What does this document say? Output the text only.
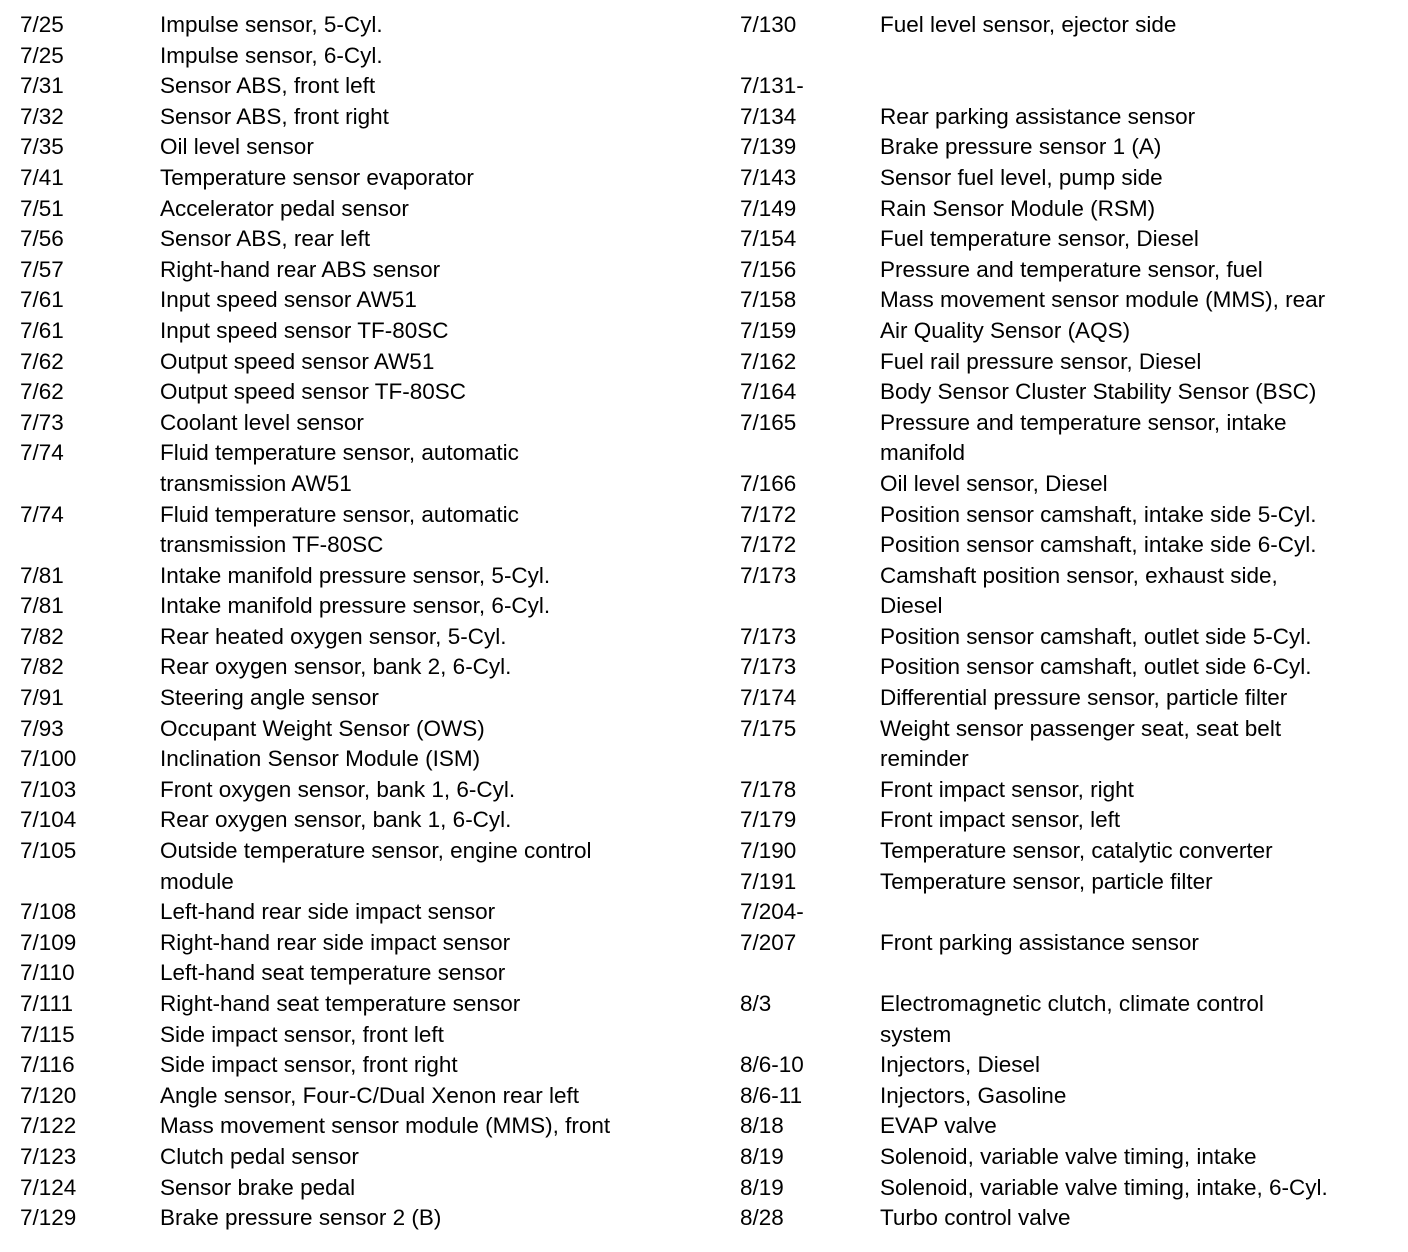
7/25	Impulse sensor, 5-Cyl.
7/25	Impulse sensor, 6-Cyl.
7/31	Sensor ABS, front left
7/32	Sensor ABS, front right
7/35	Oil level sensor
7/41	Temperature sensor evaporator
7/51	Accelerator pedal sensor
7/56	Sensor ABS, rear left
7/57	Right-hand rear ABS sensor
7/61	Input speed sensor AW51
7/61	Input speed sensor TF-80SC
7/62	Output speed sensor AW51
7/62	Output speed sensor TF-80SC
7/73	Coolant level sensor
7/74	Fluid temperature sensor, automatic
transmission AW51
7/74	Fluid temperature sensor, automatic
transmission TF-80SC
7/81	Intake manifold pressure sensor, 5-Cyl.
7/81	Intake manifold pressure sensor, 6-Cyl.
7/82	Rear heated oxygen sensor, 5-Cyl.
7/82	Rear oxygen sensor, bank 2, 6-Cyl.
7/91	Steering angle sensor
7/93	Occupant Weight Sensor (OWS)
7/100	Inclination Sensor Module (ISM)
7/103	Front oxygen sensor, bank 1, 6-Cyl.
7/104	Rear oxygen sensor, bank 1, 6-Cyl.
7/105	Outside temperature sensor, engine control
module
7/108	Left-hand rear side impact sensor
7/109	Right-hand rear side impact sensor
7/110	Left-hand seat temperature sensor
7/111	Right-hand seat temperature sensor
7/115	Side impact sensor, front left
7/116	Side impact sensor, front right
7/120	Angle sensor, Four-C/Dual Xenon rear left
7/122	Mass movement sensor module (MMS), front
7/123	Clutch pedal sensor
7/124	Sensor brake pedal
7/129	Brake pressure sensor 2 (B)
7/130	Fuel level sensor, ejector side

7/131-

7/134	Rear parking assistance sensor
7/139	Brake pressure sensor 1 (A)
7/143	Sensor fuel level, pump side
7/149	Rain Sensor Module (RSM)
7/154	Fuel temperature sensor, Diesel
7/156	Pressure and temperature sensor, fuel
7/158	Mass movement sensor module (MMS), rear
7/159	Air Quality Sensor (AQS)
7/162	Fuel rail pressure sensor, Diesel
7/164	Body Sensor Cluster Stability Sensor (BSC)
7/165	Pressure and temperature sensor, intake
manifold
7/166	Oil level sensor, Diesel
7/172	Position sensor camshaft, intake side 5-Cyl.
7/172	Position sensor camshaft, intake side 6-Cyl.
7/173	Camshaft position sensor, exhaust side,
Diesel
7/173	Position sensor camshaft, outlet side 5-Cyl.
7/173	Position sensor camshaft, outlet side 6-Cyl.
7/174	Differential pressure sensor, particle filter
7/175	Weight sensor passenger seat, seat belt
reminder
7/178	Front impact sensor, right
7/179	Front impact sensor, left
7/190	Temperature sensor, catalytic converter
7/191	Temperature sensor, particle filter
7/204-

7/207	Front parking assistance sensor

8/3	Electromagnetic clutch, climate control
system
8/6-10	Injectors, Diesel
8/6-11	Injectors, Gasoline
8/18	EVAP valve
8/19	Solenoid, variable valve timing, intake
8/19	Solenoid, variable valve timing, intake, 6-Cyl.
8/28	Turbo control valve
